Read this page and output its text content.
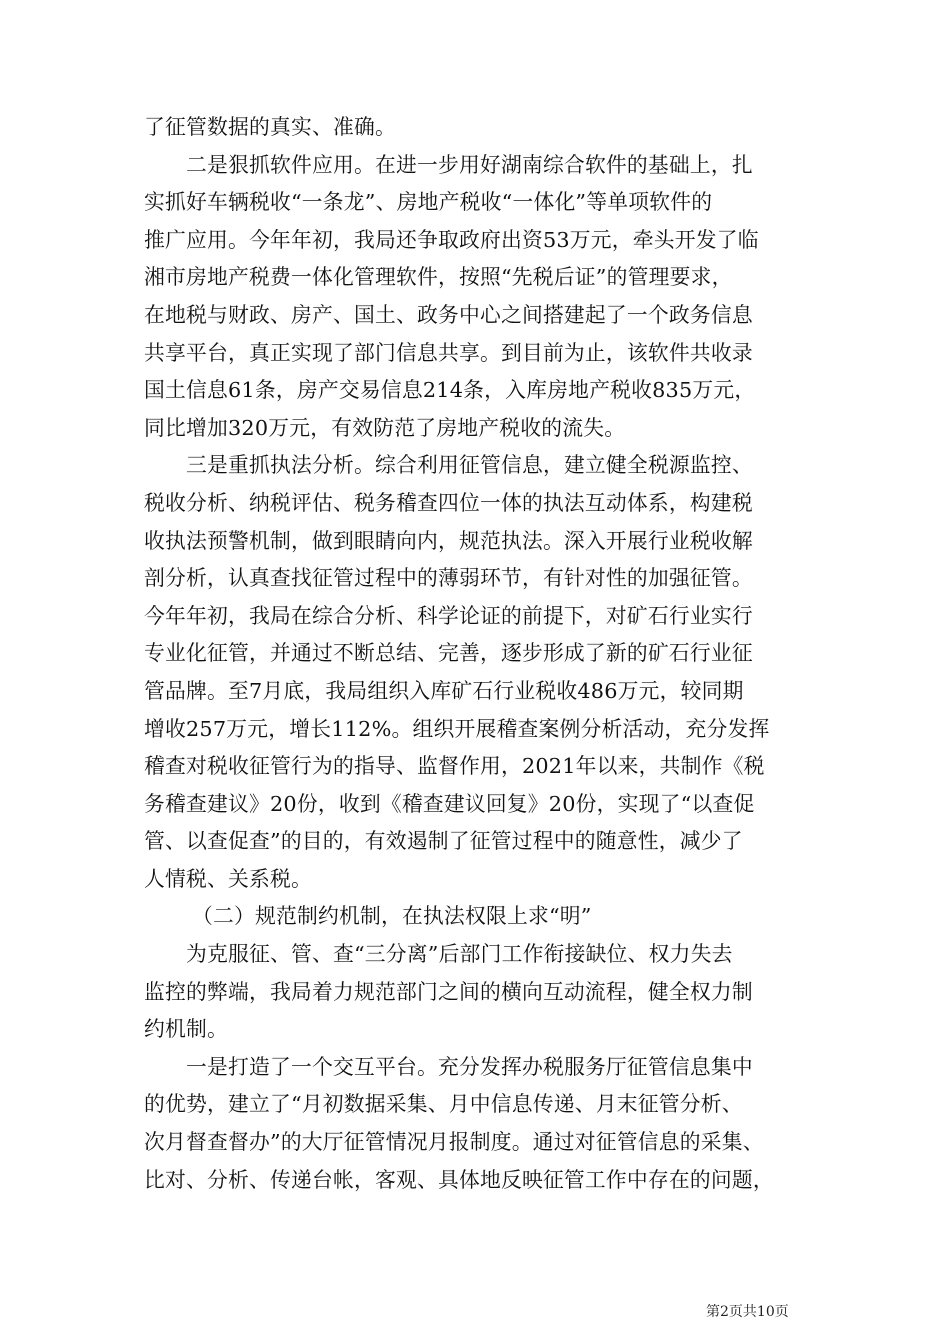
了征管数据的真实、准确。
二是狠抓软件应用。在进一步用好湖南综合软件的基础上，扎
实抓好车辆税收“一条龙”、房地产税收“一体化”等单项软件的
推广应用。今年年初，我局还争取政府出资53万元，牵头开发了临
湘市房地产税费一体化管理软件，按照“先税后证”的管理要求，
在地税与财政、房产、国土、政务中心之间搭建起了一个政务信息
共享平台，真正实现了部门信息共享。到目前为止，该软件共收录
国土信息61条，房产交易信息214条，入库房地产税收835万元，
同比增加320万元，有效防范了房地产税收的流失。
三是重抓执法分析。综合利用征管信息，建立健全税源监控、
税收分析、纳税评估、税务稽查四位一体的执法互动体系，构建税
收执法预警机制，做到眼睛向内，规范执法。深入开展行业税收解
剖分析，认真查找征管过程中的薄弱环节，有针对性的加强征管。
今年年初，我局在综合分析、科学论证的前提下，对矿石行业实行
专业化征管，并通过不断总结、完善，逐步形成了新的矿石行业征
管品牌。至7月底，我局组织入库矿石行业税收486万元，较同期
增收257万元，增长112%。组织开展稽查案例分析活动，充分发挥
稽查对税收征管行为的指导、监督作用，2021年以来，共制作《税
务稽查建议》20份，收到《稽查建议回复》20份，实现了“以查促
管、以查促查”的目的，有效遏制了征管过程中的随意性，减少了
人情税、关系税。
（二）规范制约机制，在执法权限上求“明”
为克服征、管、查“三分离”后部门工作衔接缺位、权力失去
监控的弊端，我局着力规范部门之间的横向互动流程，健全权力制
约机制。
一是打造了一个交互平台。充分发挥办税服务厅征管信息集中
的优势，建立了“月初数据采集、月中信息传递、月末征管分析、
次月督查督办”的大厅征管情况月报制度。通过对征管信息的采集、
比对、分析、传递台帐，客观、具体地反映征管工作中存在的问题，
第2页共10页
